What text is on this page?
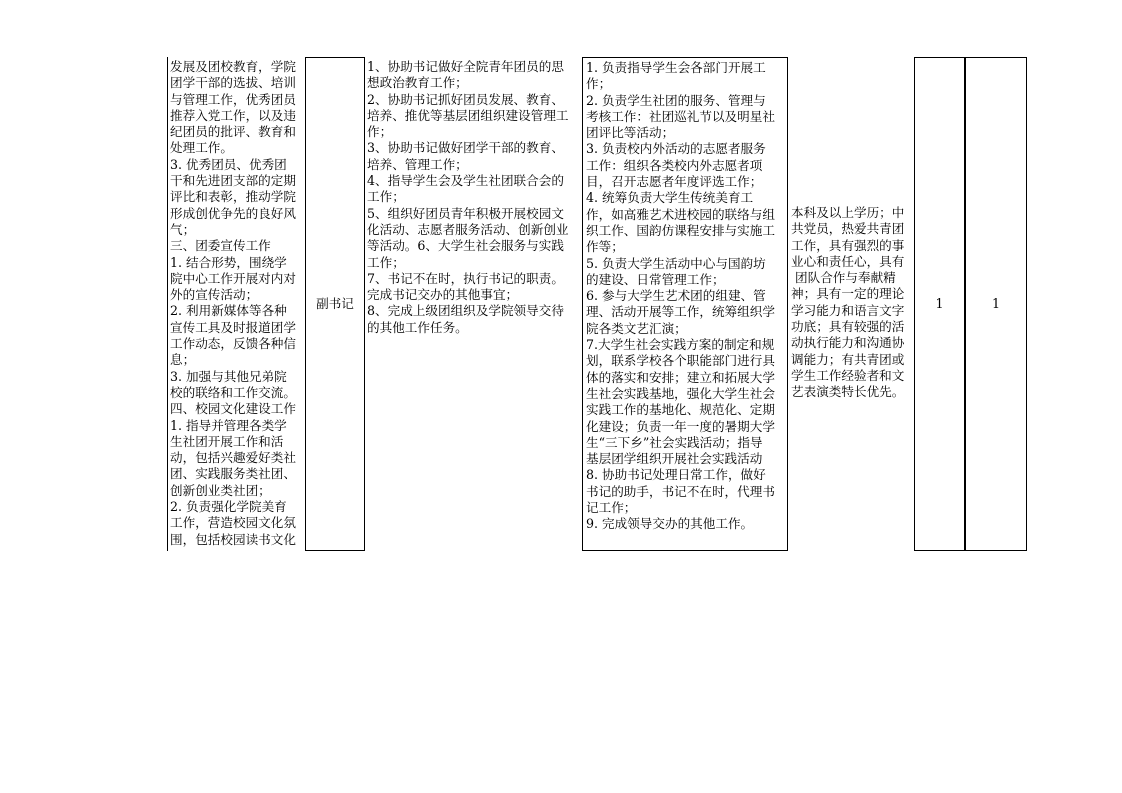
发展及团校教育，学院
团学干部的选拔、培训
与管理工作，优秀团员
推荐入党工作，以及违
纪团员的批评、教育和
处理工作。
3. 优秀团员、优秀团
干和先进团支部的定期
评比和表彰，推动学院
形成创优争先的良好风
气；
三、团委宣传工作
1. 结合形势，围绕学
院中心工作开展对内对
外的宣传活动；
2. 利用新媒体等各种
宣传工具及时报道团学
工作动态，反馈各种信
息；
3. 加强与其他兄弟院
校的联络和工作交流。
四、校园文化建设工作
1. 指导并管理各类学
生社团开展工作和活
动，包括兴趣爱好类社
团、实践服务类社团、
创新创业类社团；
2. 负责强化学院美育
工作，营造校园文化氛
围，包括校园读书文化
副书记
1、协助书记做好全院青年团员的思
想政治教育工作；
2、协助书记抓好团员发展、教育、
培养、推优等基层团组织建设管理工
作；
3、协助书记做好团学干部的教育、
培养、管理工作；
4、指导学生会及学生社团联合会的
工作；
5、组织好团员青年积极开展校园文
化活动、志愿者服务活动、创新创业
等活动。6、大学生社会服务与实践
工作；
7、书记不在时，执行书记的职责。
完成书记交办的其他事宜；
8、完成上级团组织及学院领导交待
的其他工作任务。
1. 负责指导学生会各部门开展工
作；
2. 负责学生社团的服务、管理与
考核工作：社团巡礼节以及明星社
团评比等活动；
3. 负责校内外活动的志愿者服务
工作：组织各类校内外志愿者项
目，召开志愿者年度评选工作；
4. 统筹负责大学生传统美育工
作，如高雅艺术进校园的联络与组
织工作、国韵仿课程安排与实施工
作等；
5. 负责大学生活动中心与国韵坊
的建设、日常管理工作；
6. 参与大学生艺术团的组建、管
理、活动开展等工作，统筹组织学
院各类文艺汇演；
7.大学生社会实践方案的制定和规
划，联系学校各个职能部门进行具
体的落实和安排；建立和拓展大学
生社会实践基地，强化大学生社会
实践工作的基地化、规范化、定期
化建设；负责一年一度的暑期大学
生“三下乡”社会实践活动；指导
基层团学组织开展社会实践活动
8. 协助书记处理日常工作，做好
书记的助手，书记不在时，代理书
记工作；
9. 完成领导交办的其他工作。
本科及以上学历；中
共党员，热爱共青团
工作，具有强烈的事
业心和责任心，具有
团队合作与奉献精
神；具有一定的理论
学习能力和语言文字
功底；具有较强的活
动执行能力和沟通协
调能力；有共青团或
学生工作经验者和文
艺表演类特长优先。
1	1
